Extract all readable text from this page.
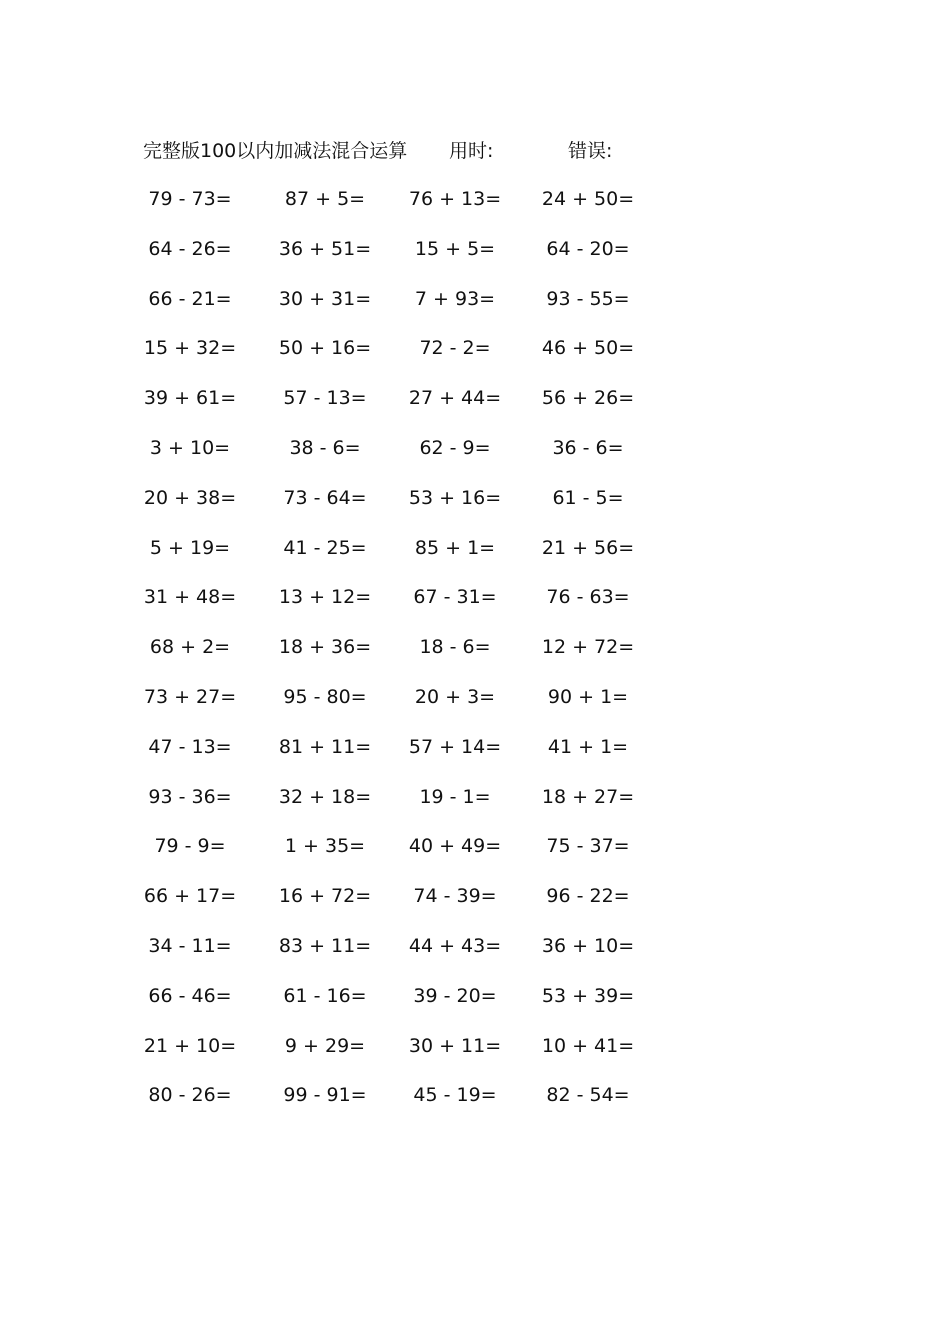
完整版100以内加减法混合运算 用时:	错误:
79 - 73=	87 + 5=	76 + 13=	24 + 50=
64 - 26=	36 + 51=	15 + 5=	64 - 20=
66 - 21=	30 + 31=	7 + 93=	93 - 55=
15 + 32=	50 + 16=	72 - 2=	46 + 50=
39 + 61=	57 - 13=	27 + 44=	56 + 26=
3 + 10=	38 - 6=	62 - 9=	36 - 6=
20 + 38=	73 - 64=	53 + 16=	61 - 5=
5 + 19=	41 - 25=	85 + 1=	21 + 56=
31 + 48=	13 + 12=	67 - 31=	76 - 63=
68 + 2=	18 + 36=	18 - 6=	12 + 72=
73 + 27=	95 - 80=	20 + 3=	90 + 1=
47 - 13=	81 + 11=	57 + 14=	41 + 1=
93 - 36=	32 + 18=	19 - 1=	18 + 27=
79 - 9=	1 + 35=	40 + 49=	75 - 37=
66 + 17=	16 + 72=	74 - 39=	96 - 22=
34 - 11=	83 + 11=	44 + 43=	36 + 10=
66 - 46=	61 - 16=	39 - 20=	53 + 39=
21 + 10=	9 + 29=	30 + 11=	10 + 41=
80 - 26=	99 - 91=	45 - 19=	82 - 54=
